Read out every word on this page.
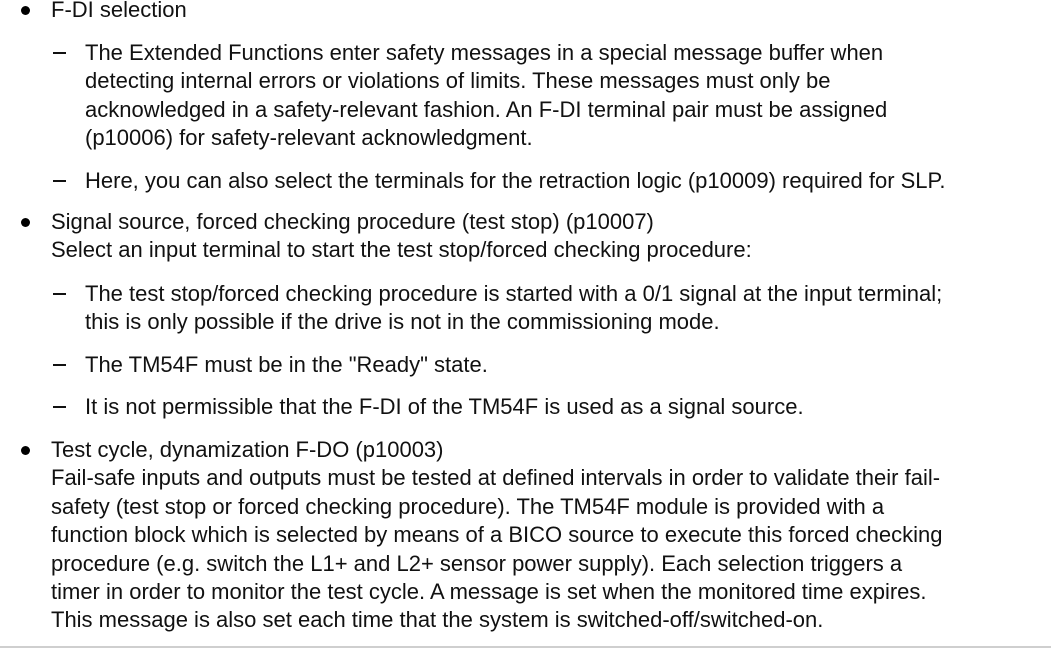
F-DI selection
The Extended Functions enter safety messages in a special message buffer when
detecting internal errors or violations of limits. These messages must only be
acknowledged in a safety-relevant fashion. An F-DI terminal pair must be assigned
(p10006) for safety-relevant acknowledgment.
Here, you can also select the terminals for the retraction logic (p10009) required for SLP.
Signal source, forced checking procedure (test stop) (p10007)
Select an input terminal to start the test stop/forced checking procedure:
The test stop/forced checking procedure is started with a 0/1 signal at the input terminal;
this is only possible if the drive is not in the commissioning mode.
The TM54F must be in the "Ready" state.
It is not permissible that the F-DI of the TM54F is used as a signal source.
Test cycle, dynamization F-DO (p10003)
Fail-safe inputs and outputs must be tested at defined intervals in order to validate their fail-
safety (test stop or forced checking procedure). The TM54F module is provided with a
function block which is selected by means of a BICO source to execute this forced checking
procedure (e.g. switch the L1+ and L2+ sensor power supply). Each selection triggers a
timer in order to monitor the test cycle. A message is set when the monitored time expires.
This message is also set each time that the system is switched-off/switched-on.
